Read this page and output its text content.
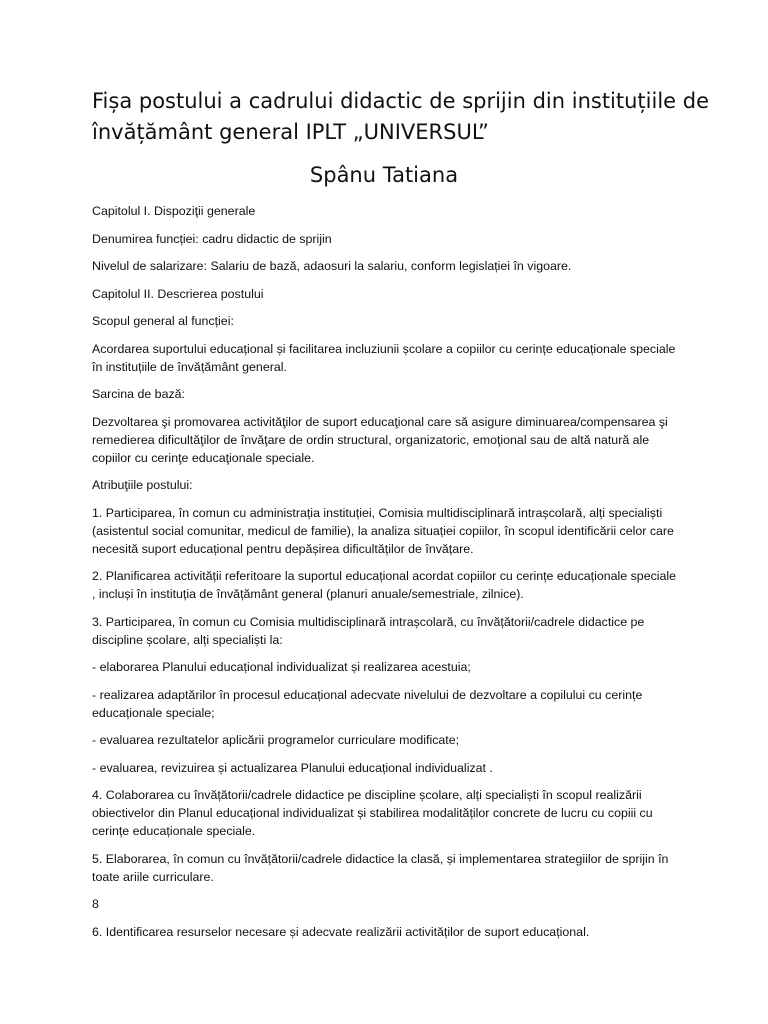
Fișa postului a cadrului didactic de sprijin din instituțiile de învățământ general IPLT „UNIVERSUL”
Spânu Tatiana

Capitolul I. Dispoziţii generale

Denumirea funcției: cadru didactic de sprijin

Nivelul de salarizare: Salariu de bază, adaosuri la salariu, conform legislației în vigoare.

Capitolul II. Descrierea postului

Scopul general al funcției:

Acordarea suportului educațional și facilitarea incluziunii școlare a copiilor cu cerințe educaționale speciale în instituțiile de învățământ general.

Sarcina de bază:

Dezvoltarea şi promovarea activităţilor de suport educaţional care să asigure diminuarea/compensarea şi remedierea dificultăţilor de învăţare de ordin structural, organizatoric, emoţional sau de altă natură ale copiilor cu cerinţe educaţionale speciale.

Atribuţiile postului:

1. Participarea, în comun cu administrația instituției, Comisia multidisciplinară intrașcolară, alți specialiști (asistentul social comunitar, medicul de familie), la analiza situației copiilor, în scopul identificării celor care necesită suport educațional pentru depășirea dificultăților de învățare.

2. Planificarea activității referitoare la suportul educațional acordat copiilor cu cerințe educaționale speciale , incluși în instituția de învățământ general (planuri anuale/semestriale, zilnice).

3. Participarea, în comun cu Comisia multidisciplinară intrașcolară, cu învățătorii/cadrele didactice pe discipline școlare, alți specialiști la:

- elaborarea Planului educațional individualizat și realizarea acestuia;

- realizarea adaptărilor în procesul educațional adecvate nivelului de dezvoltare a copilului cu cerințe educaționale speciale;

- evaluarea rezultatelor aplicării programelor curriculare modificate;

- evaluarea, revizuirea și actualizarea Planului educațional individualizat .

4. Colaborarea cu învățătorii/cadrele didactice pe discipline școlare, alți specialiști în scopul realizării obiectivelor din Planul educațional individualizat și stabilirea modalităților concrete de lucru cu copiii cu cerințe educaționale speciale.

5. Elaborarea, în comun cu învățătorii/cadrele didactice la clasă, și implementarea strategiilor de sprijin în toate ariile curriculare.

8

6. Identificarea resurselor necesare și adecvate realizării activităților de suport educațional.
